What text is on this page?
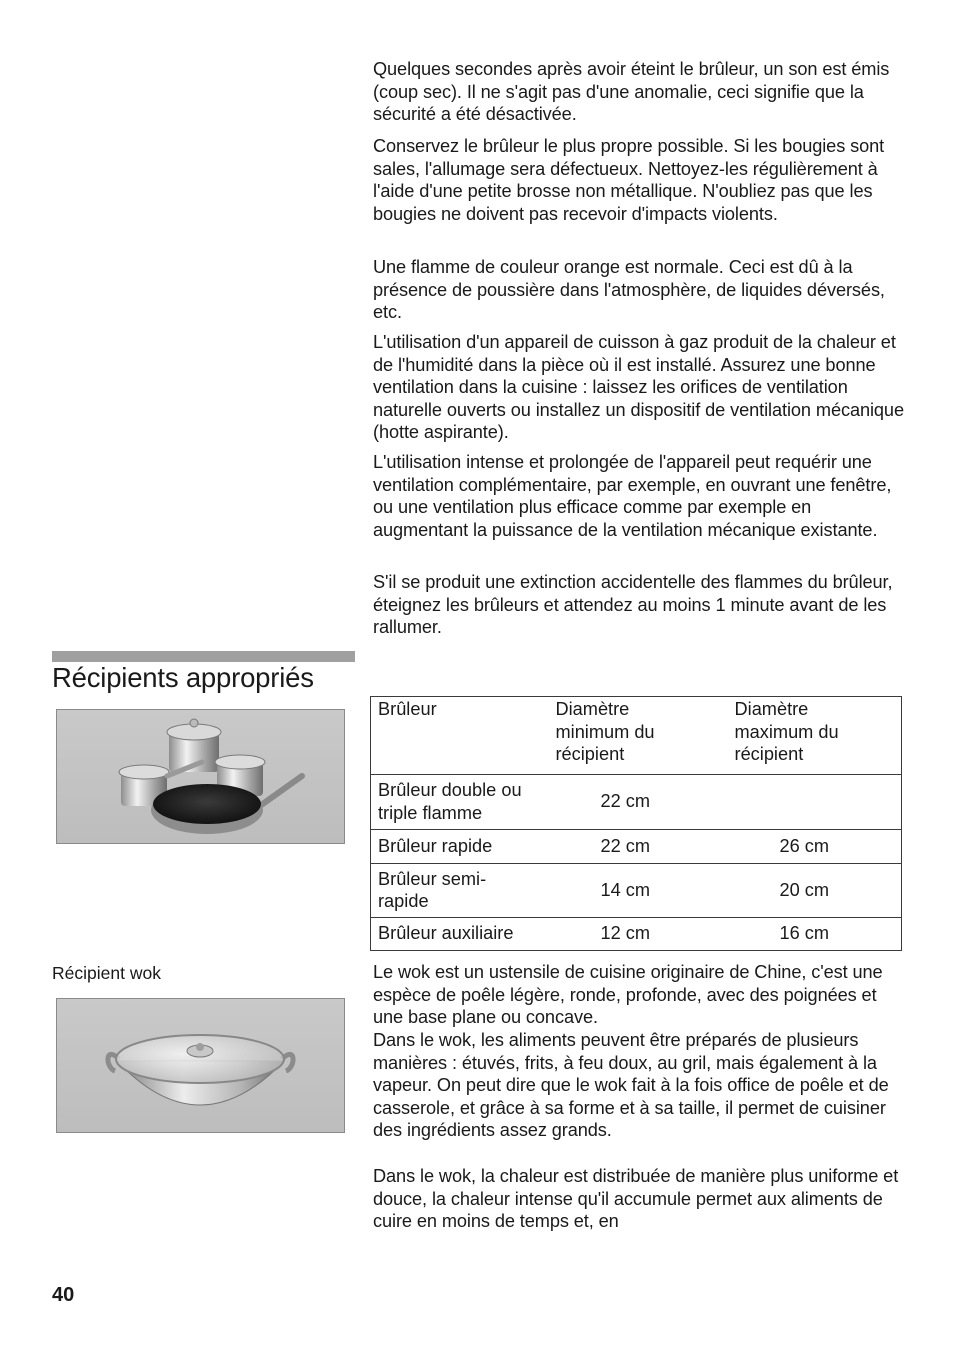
Quelques secondes après avoir éteint le brûleur, un son est émis (coup sec). Il ne s'agit pas d'une anomalie, ceci signifie que la sécurité a été désactivée.

Conservez le brûleur le plus propre possible. Si les bougies sont sales, l'allumage sera défectueux. Nettoyez-les régulièrement à l'aide d'une petite brosse non métallique. N'oubliez pas que les bougies ne doivent pas recevoir d'impacts violents.

Une flamme de couleur orange est normale. Ceci est dû à la présence de poussière dans l'atmosphère, de liquides déversés, etc.

L'utilisation d'un appareil de cuisson à gaz produit de la chaleur et de l'humidité dans la pièce où il est installé. Assurez une bonne ventilation dans la cuisine : laissez les orifices de ventilation naturelle ouverts ou installez un dispositif de ventilation mécanique (hotte aspirante).

L'utilisation intense et prolongée de l'appareil peut requérir une ventilation complémentaire, par exemple, en ouvrant une fenêtre, ou une ventilation plus efficace comme par exemple en augmentant la puissance de la ventilation mécanique existante.

S'il se produit une extinction accidentelle des flammes du brûleur, éteignez les brûleurs et attendez au moins 1 minute avant de les rallumer.

Récipients appropriés
Brûleur	Diamètre minimum du récipient	Diamètre maximum du récipient
Brûleur double ou triple flamme	22 cm	
Brûleur rapide	22 cm	26 cm
Brûleur semi-rapide	14 cm	20 cm
Brûleur auxiliaire	12 cm	16 cm

Récipient wok	Le wok est un ustensile de cuisine originaire de Chine, c'est une espèce de poêle légère, ronde, profonde, avec des poignées et une base plane ou concave.

Dans le wok, les aliments peuvent être préparés de plusieurs manières : étuvés, frits, à feu doux, au gril, mais également à la vapeur. On peut dire que le wok fait à la fois office de poêle et de casserole, et grâce à sa forme et à sa taille, il permet de cuisiner des ingrédients assez grands.

Dans le wok, la chaleur est distribuée de manière plus uniforme et douce, la chaleur intense qu'il accumule permet aux aliments de cuire en moins de temps et, en

40
